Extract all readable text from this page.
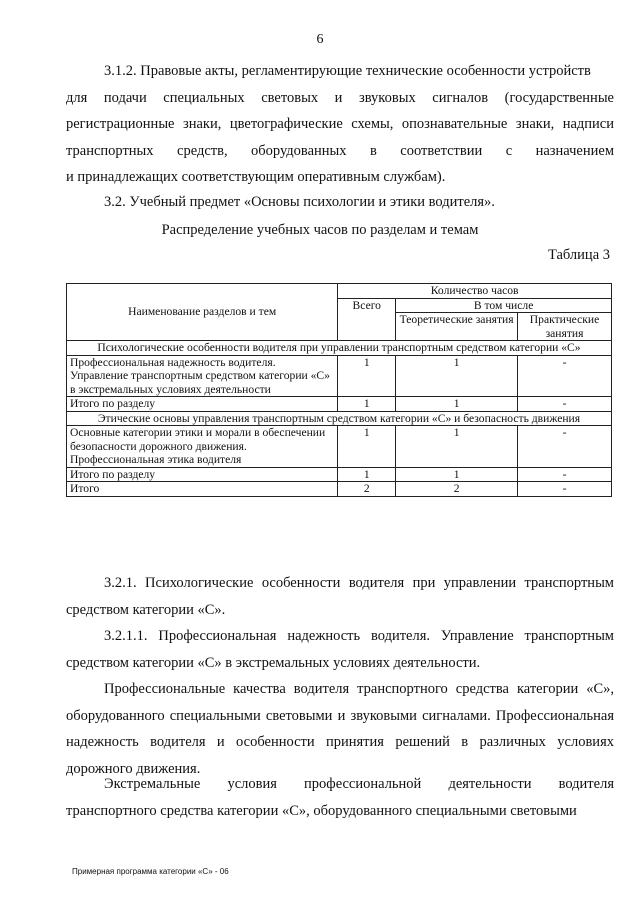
6
3.1.2. Правовые акты, регламентирующие технические особенности устройств
для подачи специальных световых и звуковых сигналов (государственные
регистрационные знаки, цветографические схемы, опознавательные знаки, надписи
транспортных средств, оборудованных в соответствии с назначением
и принадлежащих соответствующим оперативным службам).
3.2. Учебный предмет «Основы психологии и этики водителя».
Распределение учебных часов по разделам и темам
Таблица 3
Наименование разделов и тем	Количество часов		
	Всего	В том числе	
		Теоретические занятия	Практические занятия
Психологические особенности водителя при управлении транспортным средством категории «С»			
Профессиональная надежность водителя. Управление транспортным средством категории «С» в экстремальных условиях деятельности	1	1	-
Итого по разделу	1	1	-
Этические основы управления транспортным средством категории «С» и безопасность движения			
Основные категории этики и морали в обеспечении безопасности дорожного движения. Профессиональная этика водителя	1	1	-
Итого по разделу	1	1	-
Итого	2	2	-
3.2.1. Психологические особенности водителя при управлении транспортным средством категории «С».
3.2.1.1. Профессиональная надежность водителя. Управление транспортным средством категории «С» в экстремальных условиях деятельности.
Профессиональные качества водителя транспортного средства категории «С», оборудованного специальными световыми и звуковыми сигналами. Профессиональная надежность водителя и особенности принятия решений в различных условиях дорожного движения.
Экстремальные условия профессиональной деятельности водителя транспортного средства категории «С», оборудованного специальными световыми
Примерная программа категории «С» - 06
